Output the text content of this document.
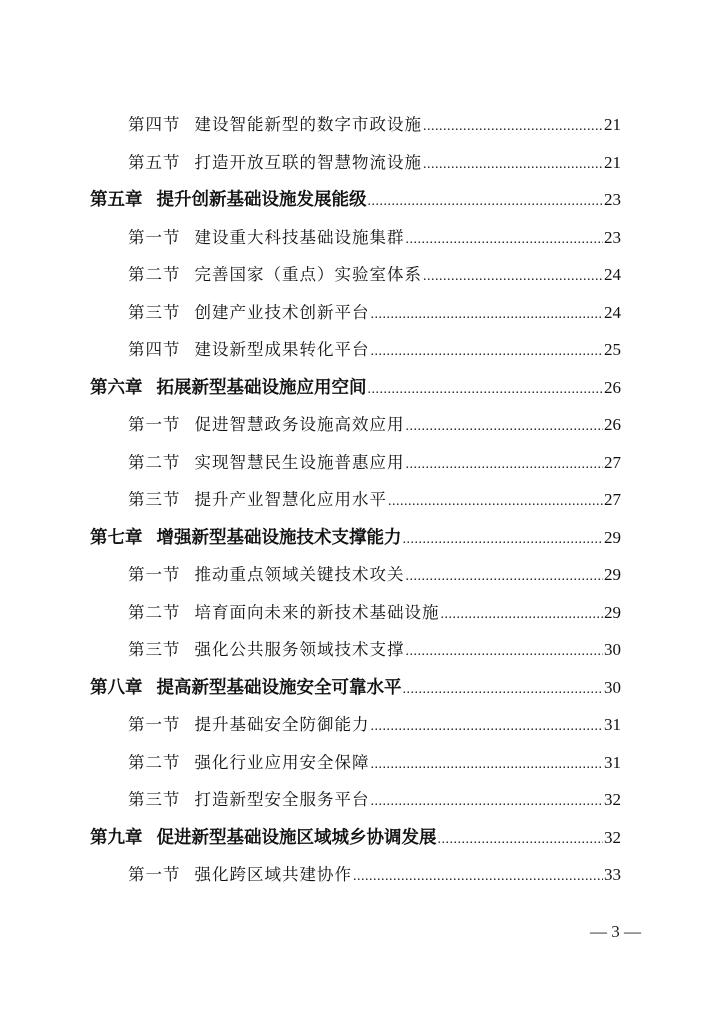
第四节 建设智能新型的数字市政设施 .....	21
第五节 打造开放互联的智慧物流设施 .....	21
第五章 提升创新基础设施发展能级 .....	23
第一节 建设重大科技基础设施集群 .....	23
第二节 完善国家（重点）实验室体系 .....	24
第三节 创建产业技术创新平台 .....	24
第四节 建设新型成果转化平台 .....	25
第六章 拓展新型基础设施应用空间 .....	26
第一节 促进智慧政务设施高效应用 .....	26
第二节 实现智慧民生设施普惠应用 .....	27
第三节 提升产业智慧化应用水平 .....	27
第七章 增强新型基础设施技术支撑能力 .....	29
第一节 推动重点领域关键技术攻关 .....	29
第二节 培育面向未来的新技术基础设施 .....	29
第三节 强化公共服务领域技术支撑 .....	30
第八章 提高新型基础设施安全可靠水平 .....	30
第一节 提升基础安全防御能力 .....	31
第二节 强化行业应用安全保障 .....	31
第三节 打造新型安全服务平台 .....	32
第九章 促进新型基础设施区域城乡协调发展 .....	32
第一节 强化跨区域共建协作 .....	33
— 3 —
